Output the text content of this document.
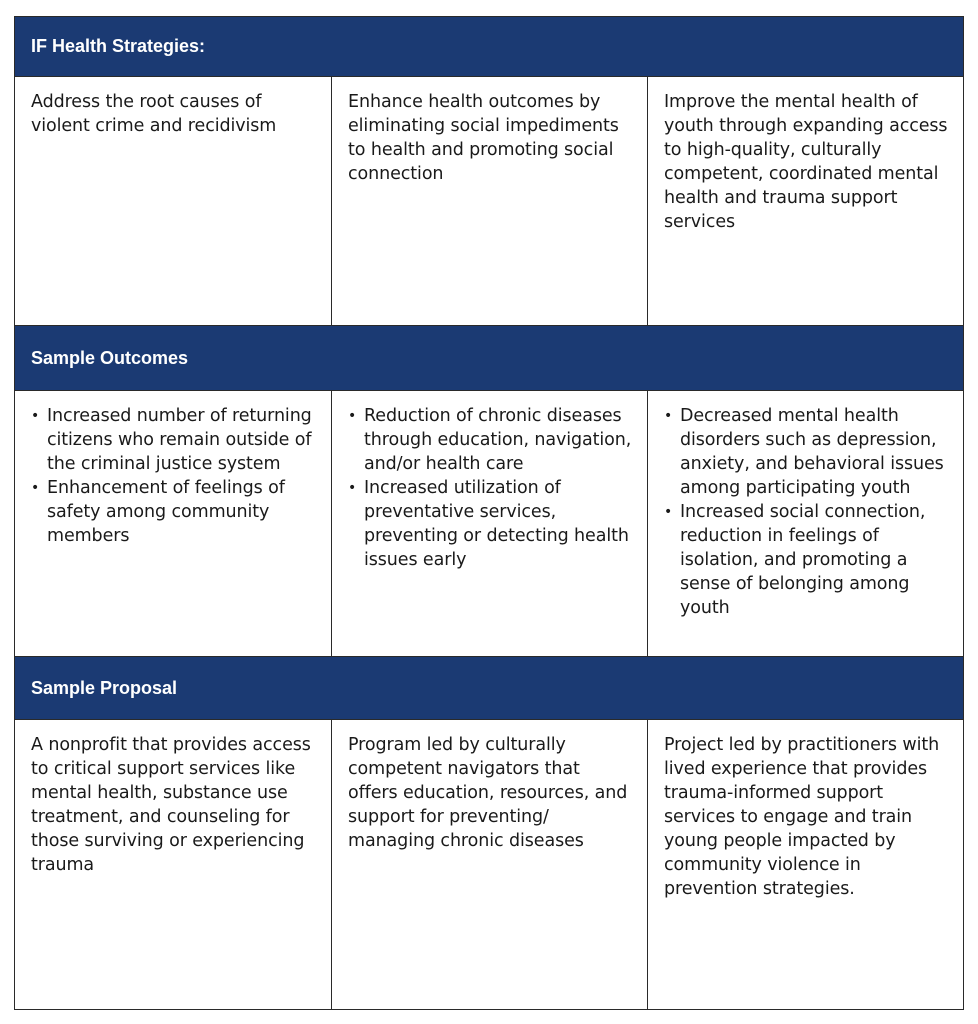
IF Health Strategies:
Address the root causes of violent crime and recidivism
Enhance health outcomes by eliminating social impediments to health and promoting social connection
Improve the mental health of youth through expanding access to high-quality, culturally competent, coordinated mental health and trauma support services
Sample Outcomes
• Increased number of returning citizens who remain outside of the criminal justice system
• Enhancement of feelings of safety among community members
• Reduction of chronic diseases through education, navigation, and/or health care
• Increased utilization of preventative services, preventing or detecting health issues early
• Decreased mental health disorders such as depression, anxiety, and behavioral issues among participating youth
• Increased social connection, reduction in feelings of isolation, and promoting a sense of belonging among youth
Sample Proposal
A nonprofit that provides access to critical support services like mental health, substance use treatment, and counseling for those surviving or experiencing trauma
Program led by culturally competent navigators that offers education, resources, and support for preventing/ managing chronic diseases
Project led by practitioners with lived experience that provides trauma-informed support services to engage and train young people impacted by community violence in prevention strategies.
